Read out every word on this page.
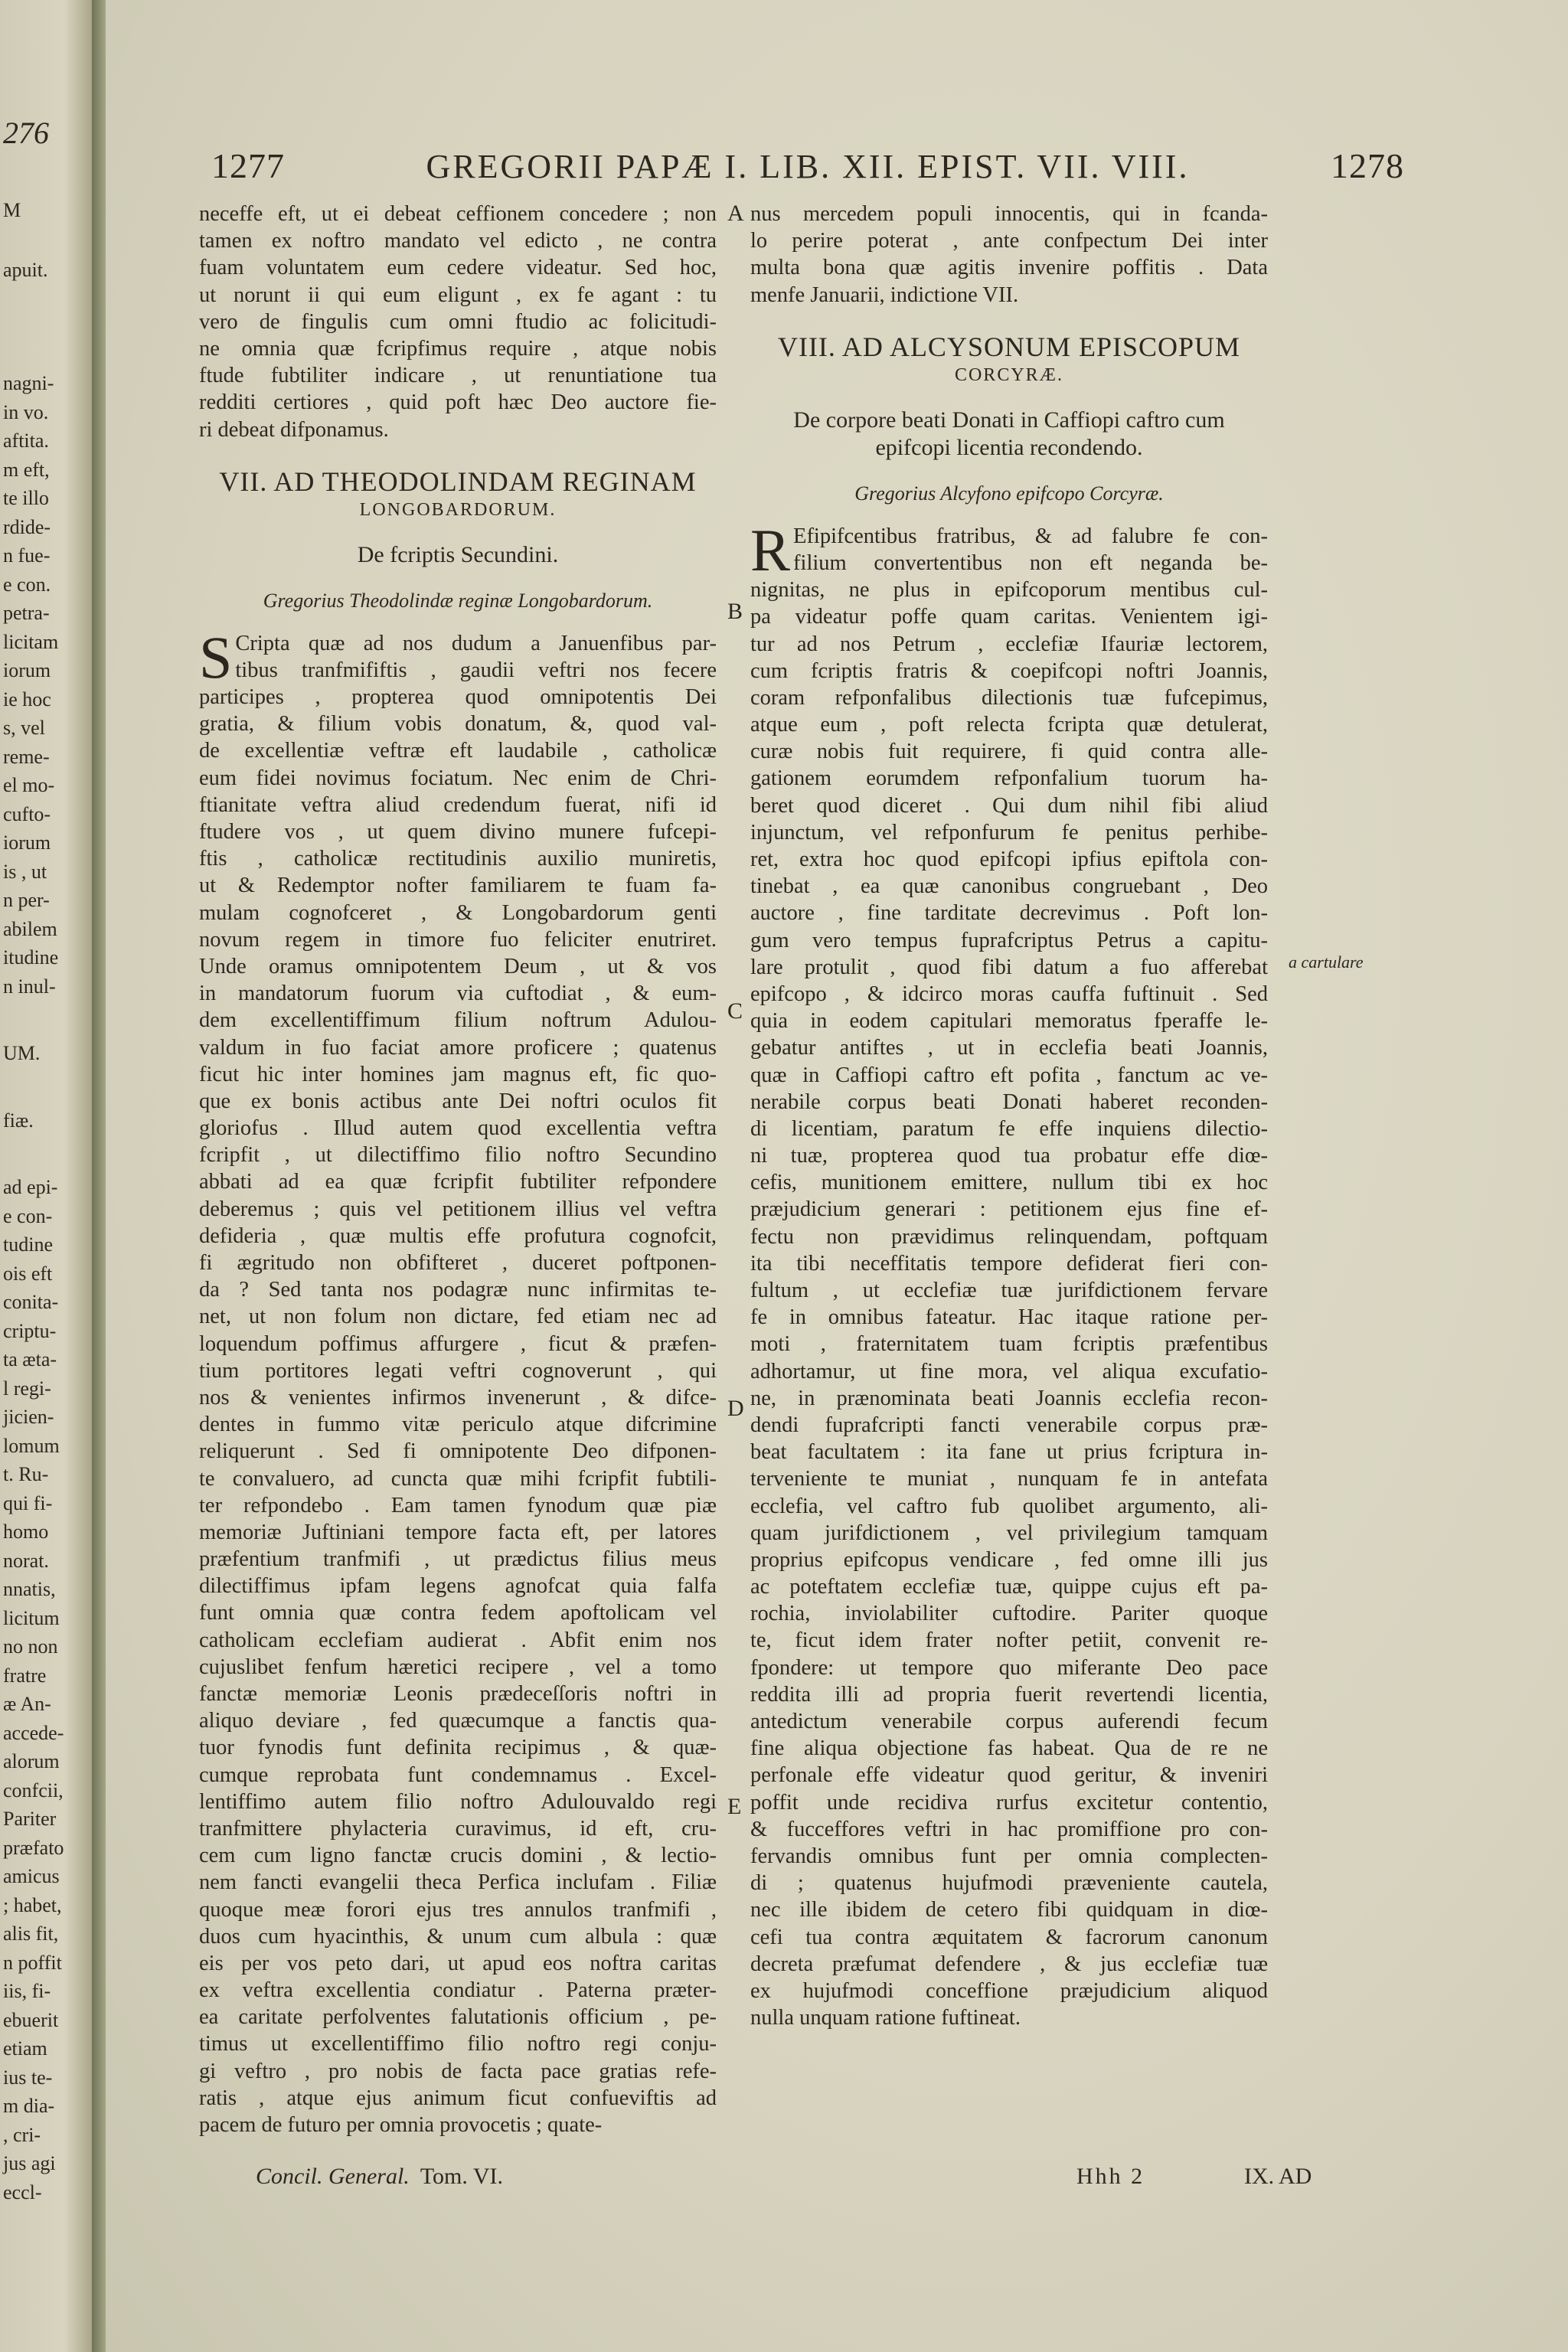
276
M
apuit.
nagni-
in vo.
aftita.
m eft,
te illo
rdide-
n fue-
e con.
petra-
licitam
iorum
ie hoc
s, vel
reme-
el mo-
cufto-
iorum
is , ut
n per-
abilem
itudine
n inul-
UM.
fiæ.
ad epi-
e con-
tudine
ois eft
conita-
criptu-
ta æta-
l regi-
jicien-
lomum
t. Ru-
qui fi-
homo
norat.
nnatis,
licitum
no non
fratre
æ An-
accede-
alorum
confcii,
Pariter
præfato
amicus
; habet,
alis fit,
n poffit
iis, fi-
ebuerit
etiam
ius te-
m dia-
, cri-
jus agi
eccl-
1277	GREGORII PAPÆ I. LIB. XII. EPIST. VII. VIII.	1278
neceffe eft, ut ei debeat ceffionem concedere ; non
tamen ex noftro mandato vel edicto , ne contra
fuam voluntatem eum cedere videatur. Sed hoc,
ut norunt ii qui eum eligunt , ex fe agant : tu
vero de fingulis cum omni ftudio ac folicitudi-
ne omnia quæ fcripfimus require , atque nobis
ftude fubtiliter indicare , ut renuntiatione tua
redditi certiores , quid poft hæc Deo auctore fie-
ri debeat difponamus.
VII. AD THEODOLINDAM REGINAM
LONGOBARDORUM.
De fcriptis Secundini.
Gregorius Theodolindæ reginæ Longobardorum.
S Cripta quæ ad nos dudum a Januenfibus par-
tibus tranfmififtis , gaudii veftri nos fecere
participes , propterea quod omnipotentis Dei
gratia, & filium vobis donatum, &, quod val-
de excellentiæ veftræ eft laudabile , catholicæ
eum fidei novimus fociatum. Nec enim de Chri-
ftianitate veftra aliud credendum fuerat, nifi id
ftudere vos , ut quem divino munere fufcepi-
ftis , catholicæ rectitudinis auxilio muniretis,
ut & Redemptor nofter familiarem te fuam fa-
mulam cognofceret , & Longobardorum genti
novum regem in timore fuo feliciter enutriret.
Unde oramus omnipotentem Deum , ut & vos
in mandatorum fuorum via cuftodiat , & eum-
dem excellentiffimum filium noftrum Adulou-
valdum in fuo faciat amore proficere ; quatenus
ficut hic inter homines jam magnus eft, fic quo-
que ex bonis actibus ante Dei noftri oculos fit
gloriofus . Illud autem quod excellentia veftra
fcripfit , ut dilectiffimo filio noftro Secundino
abbati ad ea quæ fcripfit fubtiliter refpondere
deberemus ; quis vel petitionem illius vel veftra
defideria , quæ multis effe profutura cognofcit,
fi ægritudo non obfifteret , duceret poftponen-
da ? Sed tanta nos podagræ nunc infirmitas te-
net, ut non folum non dictare, fed etiam nec ad
loquendum poffimus affurgere , ficut & præfen-
tium portitores legati veftri cognoverunt , qui
nos & venientes infirmos invenerunt , & difce-
dentes in fummo vitæ periculo atque difcrimine
reliquerunt . Sed fi omnipotente Deo difponen-
te convaluero, ad cuncta quæ mihi fcripfit fubtili-
ter refpondebo . Eam tamen fynodum quæ piæ
memoriæ Juftiniani tempore facta eft, per latores
præfentium tranfmifi , ut prædictus filius meus
dilectiffimus ipfam legens agnofcat quia falfa
funt omnia quæ contra fedem apoftolicam vel
catholicam ecclefiam audierat . Abfit enim nos
cujuslibet fenfum hæretici recipere , vel a tomo
fanctæ memoriæ Leonis prædeceſſoris noftri in
aliquo deviare , fed quæcumque a fanctis qua-
tuor fynodis funt definita recipimus , & quæ-
cumque reprobata funt condemnamus . Excel-
lentiffimo autem filio noftro Adulouvaldo regi
tranfmittere phylacteria curavimus, id eft, cru-
cem cum ligno fanctæ crucis domini , & lectio-
nem fancti evangelii theca Perfica inclufam . Filiæ
quoque meæ forori ejus tres annulos tranfmifi ,
duos cum hyacinthis, & unum cum albula : quæ
eis per vos peto dari, ut apud eos noftra caritas
ex veftra excellentia condiatur . Paterna præter-
ea caritate perfolventes falutationis officium , pe-
timus ut excellentiffimo filio noftro regi conju-
gi veftro , pro nobis de facta pace gratias refe-
ratis , atque ejus animum ficut confueviftis ad
pacem de futuro per omnia provocetis ; quate-
nus mercedem populi innocentis, qui in fcanda-
lo perire poterat , ante confpectum Dei inter
multa bona quæ agitis invenire poffitis . Data
menfe Januarii, indictione VII.
VIII. AD ALCYSONUM EPISCOPUM
CORCYRÆ.
De corpore beati Donati in Caffiopi caftro cum
epifcopi licentia recondendo.
Gregorius Alcyfono epifcopo Corcyræ.
R Efipifcentibus fratribus, & ad falubre fe con-
filium convertentibus non eft neganda be-
nignitas, ne plus in epifcoporum mentibus cul-
pa videatur poffe quam caritas. Venientem igi-
tur ad nos Petrum , ecclefiæ Ifauriæ lectorem,
cum fcriptis fratris & coepifcopi noftri Joannis,
coram refponfalibus dilectionis tuæ fufcepimus,
atque eum , poft relecta fcripta quæ detulerat,
curæ nobis fuit requirere, fi quid contra alle-
gationem eorumdem refponfalium tuorum ha-
beret quod diceret . Qui dum nihil fibi aliud
injunctum, vel refponfurum fe penitus perhibe-
ret, extra hoc quod epifcopi ipfius epiftola con-
tinebat , ea quæ canonibus congruebant , Deo
auctore , fine tarditate decrevimus . Poft lon-
gum vero tempus fuprafcriptus Petrus a capitu-
lare protulit , quod fibi datum a fuo afferebat
epifcopo , & idcirco moras cauffa fuftinuit . Sed
quia in eodem capitulari memoratus fperaffe le-
gebatur antiftes , ut in ecclefia beati Joannis,
quæ in Caffiopi caftro eft pofita , fanctum ac ve-
nerabile corpus beati Donati haberet reconden-
di licentiam, paratum fe effe inquiens dilectio-
ni tuæ, propterea quod tua probatur effe diœ-
cefis, munitionem emittere, nullum tibi ex hoc
præjudicium generari : petitionem ejus fine ef-
fectu non prævidimus relinquendam, poftquam
ita tibi neceffitatis tempore defiderat fieri con-
fultum , ut ecclefiæ tuæ jurifdictionem fervare
fe in omnibus fateatur. Hac itaque ratione per-
moti , fraternitatem tuam fcriptis præfentibus
adhortamur, ut fine mora, vel aliqua excufatio-
ne, in prænominata beati Joannis ecclefia recon-
dendi fuprafcripti fancti venerabile corpus præ-
beat facultatem : ita fane ut prius fcriptura in-
terveniente te muniat , nunquam fe in antefata
ecclefia, vel caftro fub quolibet argumento, ali-
quam jurifdictionem , vel privilegium tamquam
proprius epifcopus vendicare , fed omne illi jus
ac poteftatem ecclefiæ tuæ, quippe cujus eft pa-
rochia, inviolabiliter cuftodire. Pariter quoque
te, ficut idem frater nofter petiit, convenit re-
fpondere: ut tempore quo miferante Deo pace
reddita illi ad propria fuerit revertendi licentia,
antedictum venerabile corpus auferendi fecum
fine aliqua objectione fas habeat. Qua de re ne
perfonale effe videatur quod geritur, & inveniri
poffit unde recidiva rurfus excitetur contentio,
& fucceffores veftri in hac promiffione pro con-
fervandis omnibus funt per omnia complecten-
di ; quatenus hujufmodi præveniente cautela,
nec ille ibidem de cetero fibi quidquam in diœ-
cefi tua contra æquitatem & facrorum canonum
decreta præfumat defendere , & jus ecclefiæ tuæ
ex hujufmodi conceffione præjudicium aliquod
nulla unquam ratione fuftineat.
A
B
C
D
E
a cartulare
Concil. General. Tom. VI.	Hhh 2	IX. AD
